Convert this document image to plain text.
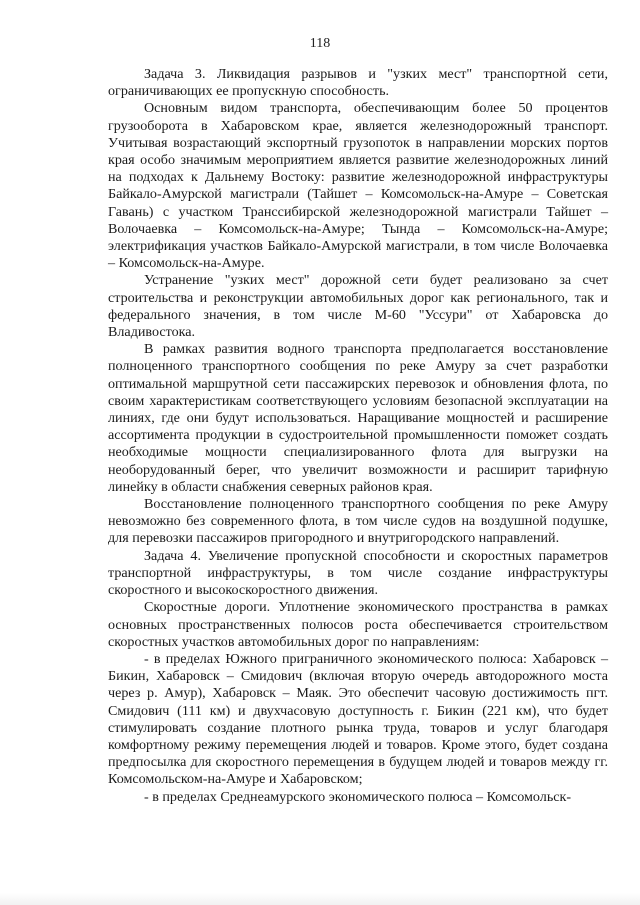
118

Задача 3. Ликвидация разрывов и "узких мест" транспортной сети, ограничивающих ее пропускную способность.

Основным видом транспорта, обеспечивающим более 50 процентов грузооборота в Хабаровском крае, является железнодорожный транспорт. Учитывая возрастающий экспортный грузопоток в направлении морских портов края особо значимым мероприятием является развитие железнодорожных линий на подходах к Дальнему Востоку: развитие железнодорожной инфраструктуры Байкало-Амурской магистрали (Тайшет – Комсомольск-на-Амуре – Советская Гавань) с участком Транссибирской железнодорожной магистрали Тайшет – Волочаевка – Комсомольск-на-Амуре; Тында – Комсомольск-на-Амуре; электрификация участков Байкало-Амурской магистрали, в том числе Волочаевка – Комсомольск-на-Амуре.

Устранение "узких мест" дорожной сети будет реализовано за счет строительства и реконструкции автомобильных дорог как регионального, так и федерального значения, в том числе М-60 "Уссури" от Хабаровска до Владивостока.

В рамках развития водного транспорта предполагается восстановление полноценного транспортного сообщения по реке Амуру за счет разработки оптимальной маршрутной сети пассажирских перевозок и обновления флота, по своим характеристикам соответствующего условиям безопасной эксплуатации на линиях, где они будут использоваться. Наращивание мощностей и расширение ассортимента продукции в судостроительной промышленности поможет создать необходимые мощности специализированного флота для выгрузки на необорудованный берег, что увеличит возможности и расширит тарифную линейку в области снабжения северных районов края.

Восстановление полноценного транспортного сообщения по реке Амуру невозможно без современного флота, в том числе судов на воздушной подушке, для перевозки пассажиров пригородного и внутригородского направлений.

Задача 4. Увеличение пропускной способности и скоростных параметров транспортной инфраструктуры, в том числе создание инфраструктуры скоростного и высокоскоростного движения.

Скоростные дороги. Уплотнение экономического пространства в рамках основных пространственных полюсов роста обеспечивается строительством скоростных участков автомобильных дорог по направлениям:

- в пределах Южного приграничного экономического полюса: Хабаровск – Бикин, Хабаровск – Смидович (включая вторую очередь автодорожного моста через р. Амур), Хабаровск – Маяк. Это обеспечит часовую достижимость пгт. Смидович (111 км) и двухчасовую доступность г. Бикин (221 км), что будет стимулировать создание плотного рынка труда, товаров и услуг благодаря комфортному режиму перемещения людей и товаров. Кроме этого, будет создана предпосылка для скоростного перемещения в будущем людей и товаров между гг. Комсомольском-на-Амуре и Хабаровском;

- в пределах Среднеамурского экономического полюса – Комсомольск-
